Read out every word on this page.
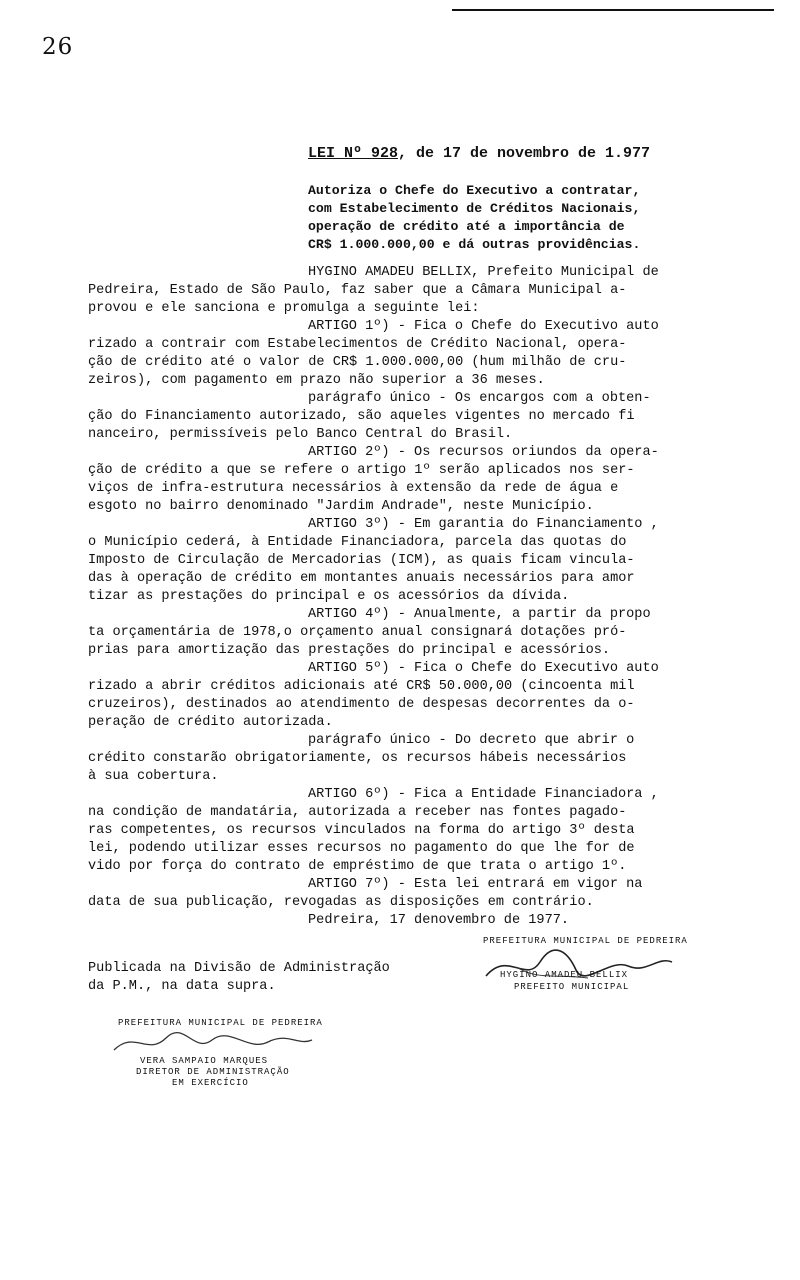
26
LEI Nº 928, de 17 de novembro de 1.977
Autoriza o Chefe do Executivo a contratar,
com Estabelecimento de Créditos Nacionais,
operação de crédito até a importância de
CR$ 1.000.000,00 e dá outras providências.
HYGINO AMADEU BELLIX, Prefeito Municipal de
Pedreira, Estado de São Paulo, faz saber que a Câmara Municipal a-
provou e ele sanciona e promulga a seguinte lei:
ARTIGO 1º) - Fica o Chefe do Executivo auto
rizado a contrair com Estabelecimentos de Crédito Nacional, opera-
ção de crédito até o valor de CR$ 1.000.000,00 (hum milhão de cru-
zeiros), com pagamento em prazo não superior a 36 meses.
parágrafo único - Os encargos com a obten-
ção do Financiamento autorizado, são aqueles vigentes no mercado fi
nanceiro, permissíveis pelo Banco Central do Brasil.
ARTIGO 2º) - Os recursos oriundos da opera-
ção de crédito a que se refere o artigo 1º serão aplicados nos ser-
viços de infra-estrutura necessários à extensão da rede de água e
esgoto no bairro denominado "Jardim Andrade", neste Município.
ARTIGO 3º) - Em garantia do Financiamento ,
o Município cederá, à Entidade Financiadora, parcela das quotas do
Imposto de Circulação de Mercadorias (ICM), as quais ficam vincula-
das à operação de crédito em montantes anuais necessários para amor
tizar as prestações do principal e os acessórios da dívida.
ARTIGO 4º) - Anualmente, a partir da propo
ta orçamentária de 1978,o orçamento anual consignará dotações pró-
prias para amortização das prestações do principal e acessórios.
ARTIGO 5º) - Fica o Chefe do Executivo auto
rizado a abrir créditos adicionais até CR$ 50.000,00 (cincoenta mil
cruzeiros), destinados ao atendimento de despesas decorrentes da o-
peração de crédito autorizada.
parágrafo único - Do decreto que abrir o
crédito constarão obrigatoriamente, os recursos hábeis necessários
à sua cobertura.
ARTIGO 6º) - Fica a Entidade Financiadora ,
na condição de mandatária, autorizada a receber nas fontes pagado-
ras competentes, os recursos vinculados na forma do artigo 3º desta
lei, podendo utilizar esses recursos no pagamento do que lhe for de
vido por força do contrato de empréstimo de que trata o artigo 1º.
ARTIGO 7º) - Esta lei entrará em vigor na
data de sua publicação, revogadas as disposições em contrário.
Pedreira, 17 denovembro de 1977.
PREFEITURA MUNICIPAL DE PEDREIRA
HYGINO AMADEU BELLIX
PREFEITO MUNICIPAL
Publicada na Divisão de Administração
da P.M., na data supra.
PREFEITURA MUNICIPAL DE PEDREIRA
VERA SAMPAIO MARQUES
DIRETOR DE ADMINISTRAÇÃO
EM EXERCÍCIO
